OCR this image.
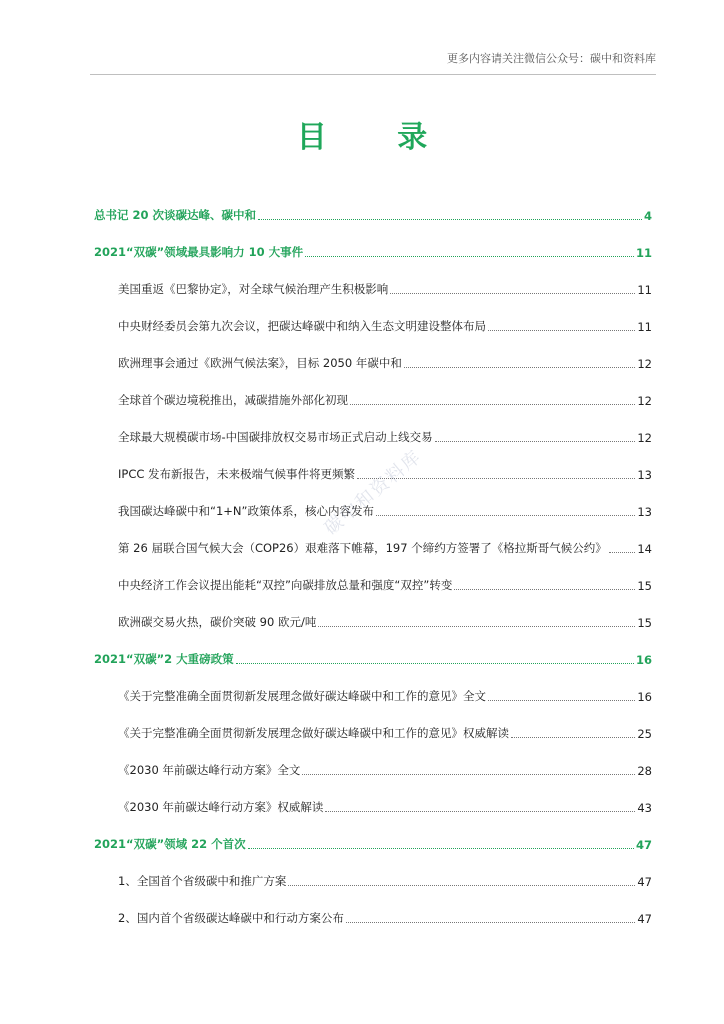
更多内容请关注微信公众号：碳中和资料库
目 录
总书记 20 次谈碳达峰、碳中和	4
2021“双碳”领域最具影响力 10 大事件	11
美国重返《巴黎协定》，对全球气候治理产生积极影响	11
中央财经委员会第九次会议，把碳达峰碳中和纳入生态文明建设整体布局	11
欧洲理事会通过《欧洲气候法案》，目标 2050 年碳中和	12
全球首个碳边境税推出，减碳措施外部化初现	12
全球最大规模碳市场-中国碳排放权交易市场正式启动上线交易	12
IPCC 发布新报告，未来极端气候事件将更频繁	13
我国碳达峰碳中和“1+N”政策体系，核心内容发布	13
第 26 届联合国气候大会（COP26）艰难落下帷幕，197 个缔约方签署了《格拉斯哥气候公约》	14
中央经济工作会议提出能耗“双控”向碳排放总量和强度“双控”转变	15
欧洲碳交易火热，碳价突破 90 欧元/吨	15
2021“双碳”2 大重磅政策	16
《关于完整准确全面贯彻新发展理念做好碳达峰碳中和工作的意见》全文	16
《关于完整准确全面贯彻新发展理念做好碳达峰碳中和工作的意见》权威解读	25
《2030 年前碳达峰行动方案》全文	28
《2030 年前碳达峰行动方案》权威解读	43
2021“双碳”领域 22 个首次	47
1、全国首个省级碳中和推广方案	47
2、国内首个省级碳达峰碳中和行动方案公布	47
碳中和资料库
